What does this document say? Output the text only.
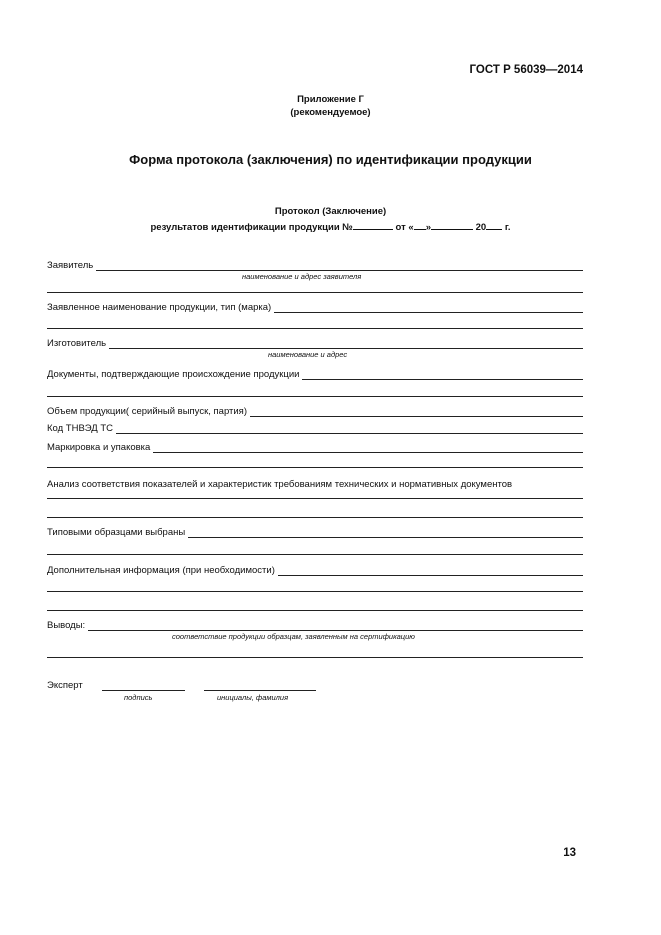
ГОСТ Р 56039—2014
Приложение Г
(рекомендуемое)
Форма протокола (заключения) по идентификации продукции
Протокол (Заключение)
результатов идентификации продукции №	от « »	20 г.
Заявитель
наименование и адрес заявителя
Заявленное наименование продукции, тип (марка)
Изготовитель
наименование и адрес
Документы, подтверждающие происхождение продукции
Объем продукции( серийный выпуск, партия)
Код ТНВЭД ТС
Маркировка и упаковка
Анализ соответствия показателей и характеристик требованиям технических и нормативных документов
Типовыми образцами выбраны
Дополнительная информация (при необходимости)
Выводы:
соответствие продукции образцам, заявленным на сертификацию
Эксперт
подпись	инициалы, фамилия
13
